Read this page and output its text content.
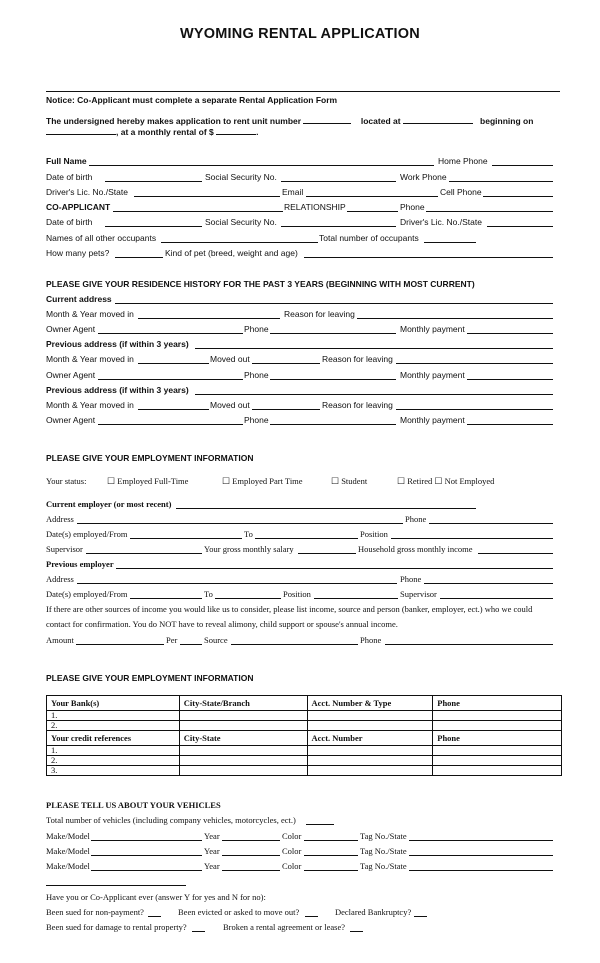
WYOMING RENTAL APPLICATION
Notice: Co-Applicant must complete a separate Rental Application Form
The undersigned hereby makes application to rent unit number	located at	beginning on
, at a monthly rental of $	.
Full Name	Home Phone
Date of birth	Social Security No.	Work Phone
Driver's Lic. No./State	Email	Cell Phone
CO-APPLICANT	RELATIONSHIP	Phone
Date of birth	Social Security No.	Driver's Lic. No./State
Names of all other occupants	Total number of occupants
How many pets?	Kind of pet (breed, weight and age)
PLEASE GIVE YOUR RESIDENCE HISTORY FOR THE PAST 3 YEARS (BEGINNING WITH MOST CURRENT)
Current address
Month & Year moved in	Reason for leaving
Owner Agent	Phone	Monthly payment
Previous address (if within 3 years)
Month & Year moved in	Moved out	Reason for leaving
Owner Agent	Phone	Monthly payment
Previous address (if within 3 years)
Month & Year moved in	Moved out	Reason for leaving
Owner Agent	Phone	Monthly payment
PLEASE GIVE YOUR EMPLOYMENT INFORMATION
Your status: ☐ Employed Full-Time	☐ Employed Part Time	☐ Student	☐ Retired ☐ Not Employed
Current employer (or most recent)
Address	Phone
Date(s) employed/From	To	Position
Supervisor	Your gross monthly salary	Household gross monthly income
Previous employer
Address	Phone
Date(s) employed/From	To	Position	Supervisor
If there are other sources of income you would like us to consider, please list income, source and person (banker, employer, ect.) who we could
contact for confirmation. You do NOT have to reveal alimony, child support or spouse's annual income.
Amount	Per	Source	Phone
PLEASE GIVE YOUR EMPLOYMENT INFORMATION
Your Bank(s)	City-State/Branch	Acct. Number & Type	Phone
1.			
2.			
Your credit references	City-State	Acct. Number	Phone
1.			
2.			
3.			
PLEASE TELL US ABOUT YOUR VEHICLES
Total number of vehicles (including company vehicles, motorcycles, ect.)
Make/Model	Year	Color	Tag No./State
Make/Model	Year	Color	Tag No./State
Make/Model	Year	Color	Tag No./State
Have you or Co-Applicant ever (answer Y for yes and N for no):
Been sued for non-payment?	Been evicted or asked to move out?	Declared Bankruptcy?
Been sued for damage to rental property?	Broken a rental agreement or lease?
